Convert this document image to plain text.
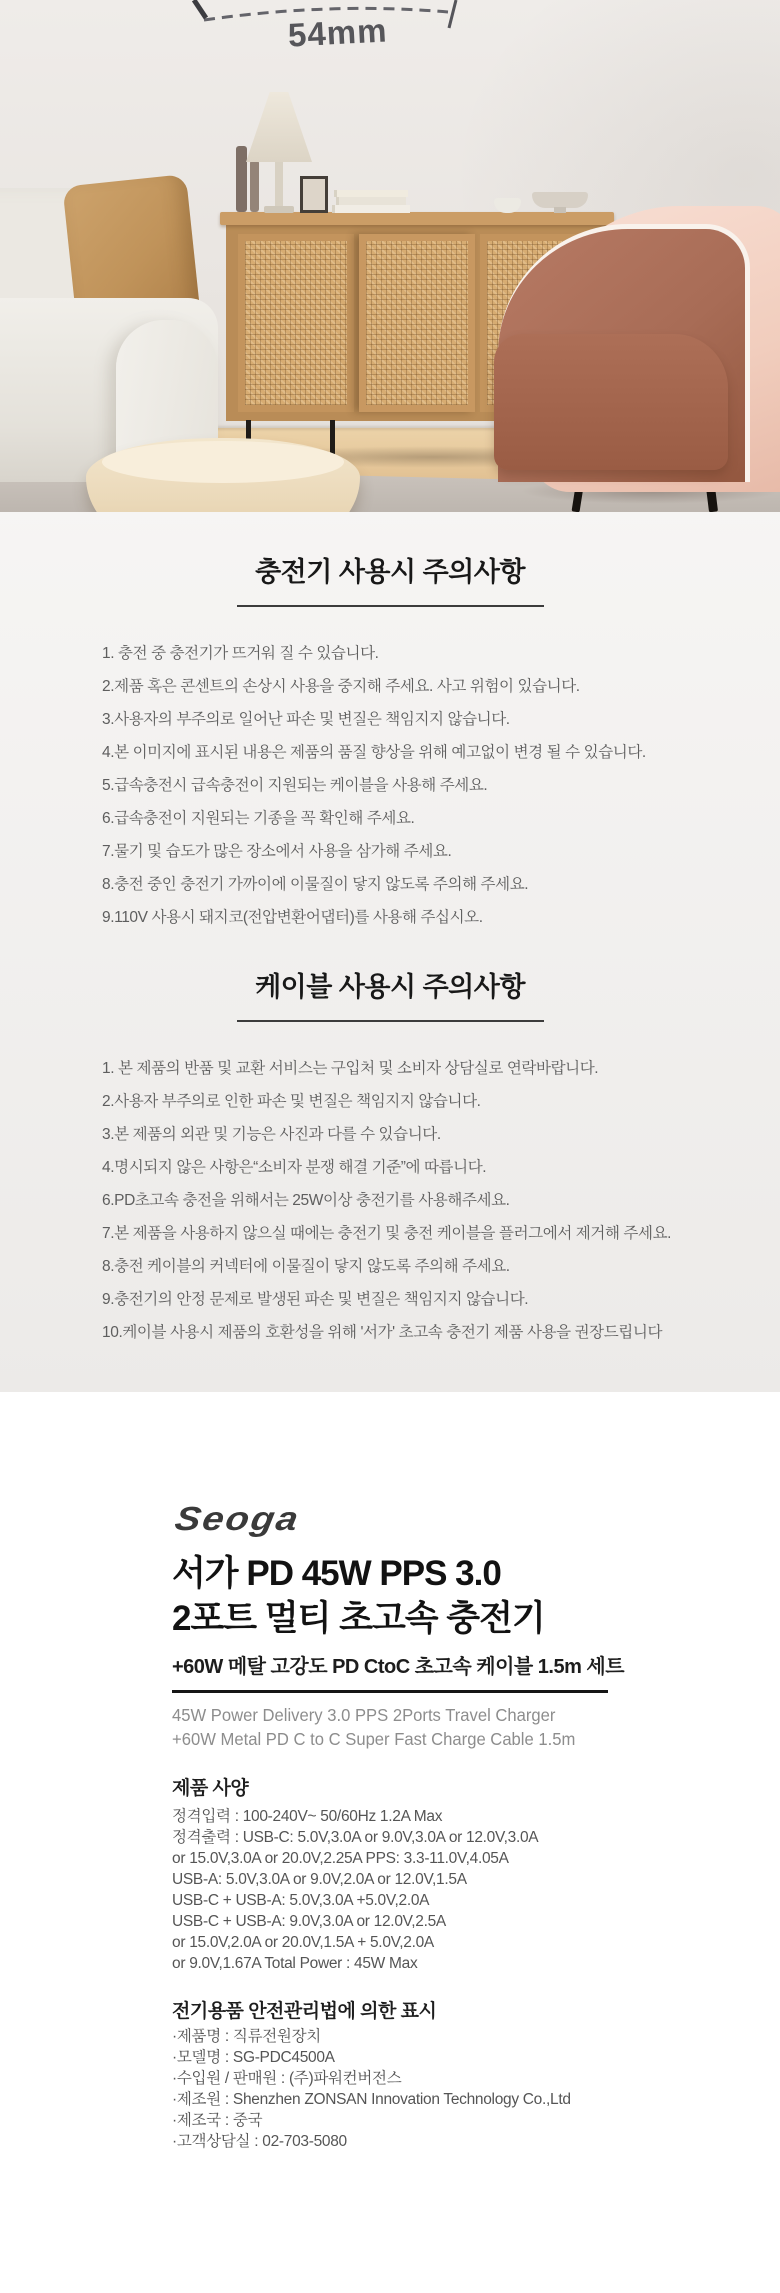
54mm
충전기 사용시 주의사항
1. 충전 중 충전기가 뜨거워 질 수 있습니다.
2.제품 혹은 콘센트의 손상시 사용을 중지해 주세요. 사고 위험이 있습니다.
3.사용자의 부주의로 일어난 파손 및 변질은 책임지지 않습니다.
4.본 이미지에 표시된 내용은 제품의 품질 향상을 위해 예고없이 변경 될 수 있습니다.
5.급속충전시 급속충전이 지원되는 케이블을 사용해 주세요.
6.급속충전이 지원되는 기종을 꼭 확인해 주세요.
7.물기 및 습도가 많은 장소에서 사용을 삼가해 주세요.
8.충전 중인 충전기 가까이에 이물질이 닿지 않도록 주의해 주세요.
9.110V 사용시 돼지코(전압변환어댑터)를 사용해 주십시오.
케이블 사용시 주의사항
1. 본 제품의 반품 및 교환 서비스는 구입처 및 소비자 상담실로 연락바랍니다.
2.사용자 부주의로 인한 파손 및 변질은 책임지지 않습니다.
3.본 제품의 외관 및 기능은 사진과 다를 수 있습니다.
4.명시되지 않은 사항은“소비자 분쟁 해결 기준”에 따릅니다.
6.PD초고속 충전을 위해서는 25W이상 충전기를 사용해주세요.
7.본 제품을 사용하지 않으실 때에는 충전기 및 충전 케이블을 플러그에서 제거해 주세요.
8.충전 케이블의 커넥터에 이물질이 닿지 않도록 주의해 주세요.
9.충전기의 안정 문제로 발생된 파손 및 변질은 책임지지 않습니다.
10.케이블 사용시 제품의 호환성을 위해 '서가' 초고속 충전기 제품 사용을 권장드립니다
Seoga
서가 PD 45W PPS 3.0
2포트 멀티 초고속 충전기
+60W 메탈 고강도 PD CtoC 초고속 케이블 1.5m 세트
45W Power Delivery 3.0 PPS 2Ports Travel Charger
+60W Metal PD C to C Super Fast Charge Cable 1.5m
제품 사양
정격입력 : 100-240V~ 50/60Hz 1.2A Max
정격출력 : USB-C: 5.0V,3.0A or 9.0V,3.0A or 12.0V,3.0A
or 15.0V,3.0A or 20.0V,2.25A PPS: 3.3-11.0V,4.05A
USB-A: 5.0V,3.0A or 9.0V,2.0A or 12.0V,1.5A
USB-C + USB-A: 5.0V,3.0A +5.0V,2.0A
USB-C + USB-A: 9.0V,3.0A or 12.0V,2.5A
or 15.0V,2.0A or 20.0V,1.5A + 5.0V,2.0A
or 9.0V,1.67A Total Power : 45W Max
전기용품 안전관리법에 의한 표시
·제품명 : 직류전원장치
·모델명 : SG-PDC4500A
·수입원 / 판매원 : (주)파워컨버전스
·제조원 : Shenzhen ZONSAN Innovation Technology Co.,Ltd
·제조국 : 중국
·고객상담실 : 02-703-5080
